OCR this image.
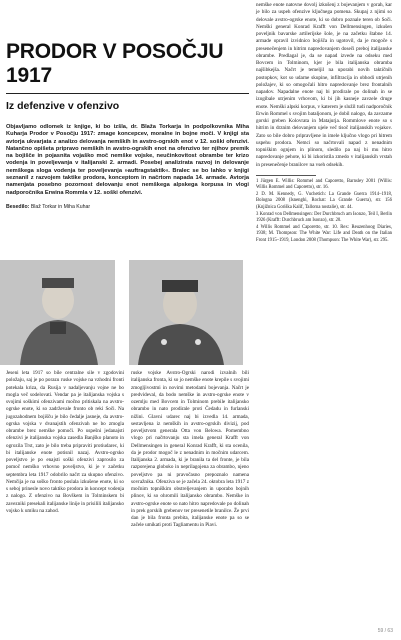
PRODOR V POSOČJU 1917
Iz defenzive v ofenzivo

Objavljamo odlomek iz knjige, ki bo izšla, dr. Blaža Torkarja in podpolkovnika Miha Kuharja Prodor v Posočju 1917: zmage koncepcev, moralne in bojne moči. V knjigi sta avtorja ukvarjata z analizo delovanja nemških in avstro-ogrskih enot v 12. soški ofenzivi. Natančno opišeta pripravo nemških in avstro-ogrskih enot na ofenzivo ter njihov premik na bojišče in pojasnita vojaško moč nemške vojske, neučinkovitost obrambe ter krizo vodenja in poveljevanja v italijanski 2. armadi. Posebej analizirata razvoj in delovanje nemškega sloga vodenja ter poveljevanja »auftragstaktik«. Bralec se bo lahko v knjigi seznanil z razvojem taktike prodora, konceptom in načrtom napada 14. armade. Avtorja namenjata posebno pozornost delovanju enot nemškega alpskega korpusa in vlogi nadporočnika Erwina Rommla v 12. soški ofenzivi.

Besedilo: Blaž Torkar in Miha Kuhar

Jeseni leta 1917 so bile centralne sile v zgodovini položaju, saj je po porazu ruske vojske na vzhodni fronti potekala kriza, da Rusija v nadaljevanju vojne ne bo mogla več sodelovati. Vendar pa je italijanska vojska s svojimi soškimi ofenzivami močno pritiskala na avstro-ogrske enote, ki so zadrževale fronto ob reki Soči. Na jugozahodnem bojišču je bilo čedalje jasneje, da avstro-ogrska vojska v dvanajstih ofenzivah ne bo zmogla obrambe brez nemške pomoči. Po uspešni jedanajsti ofenzivi je italijanska vojska zasedla Banjško planoto in ogrozila Trst, zato je bilo treba pripraviti protiudarec, ki bi italijanske enote potisnil nazaj. Avstro-ogrsko poveljstvo je po enajsti soški ofenzivi zaprosilo za pomoč nemško vrhovno poveljstvo, ki je v začetku septembra leta 1917 odobrilo načrt za skupno ofenzivo. Nemčija je na soško fronto poslala izkušene enote, ki so s seboj prinesle novo taktiko prodora in koncept vodenja z nalogo. Z ofenzivo na Bovškem in Tolminskem bi zavezniki presekali italijanske linije in prisilili italijansko vojsko k umiku na zahod.

ruske vojske Avstro-Ogrski narodi izvalnih bili italijanska fronta, ki so jo nemške enote krepile s svojimi zmogljivostmi in novimi metodami bojevanja. Načrt je predvideval, da bodo nemške in avstro-ogrske enote v ozemlju med Bovcem in Tolminom prebile italijansko obrambo in nato prodirale proti Čedadu in furlanski nižini. Glavni udarec naj bi izvedla 14. armada, sestavljena iz nemških in avstro-ogrskih divizij, pod poveljstvom generala Otta von Belowa. Pomembno vlogo pri načrtovanju sta imela general Krafft von Dellmensingen in general Konrad Krafft, ki sta ocenila, da je prodor mogoč le z nenadnim in močnim udarcem. Italijanska 2. armada, ki je branila ta del fronte, je bila razporejena globoko in neprilagojena za obrambo, njeno poveljstvo pa ni pravočasno prepoznalo namena sovražnika. Ofenziva se je začela 24. oktobra leta 1917 z močnim topniškim obstreljevanjem in uporabo bojnih plinov, ki so ohromili italijansko obrambo. Nemške in avstro-ogrske enote so nato hitro napredovale po dolinah in prek gorskih grebenov ter presenetile branilce. Že prvi dan je bila fronta prebita, italijanske enote pa so se začele umikati proti Tagliamentu in Piavi.

nemške enote natovne dovolj izkušenj z bojevanjem v gorah, kar je bilo za uspeh ofenzive ključnega pomena. Skupaj z njimi so delovale avstro-ogrske enote, ki so dobro poznale teren ob Soči. Nemški general Konrad Krafft von Dellmensingen, izkušen poveljnik bavarske artilerijske šole, je na začetku štabne 14. armade opravil izvidnico bojišča in ugotovil, da je mogoče s presenečenjem in hitrim napredovanjem doseči preboj italijanske obrambe. Predlagal je, da se napad izvede na odseku med Bovcem in Tolminom, kjer je bila italijanska obramba najšibkejša. Načrt je temeljil na uporabi novih taktičnih postopkov, kot so udarne skupine, infiltracija in obhodi utrjenih položajev, ki so omogočali hitro napredovanje brez frontalnih napadov. Napadalne enote naj bi prodirale po dolinah in se izogibale utrjenim vrhovom, ki bi jih kasneje zavzele druge enote. Nemški alpski korpus, v katerem je služil tudi nadporočnik Erwin Rommel s svojim bataljonom, je dobil nalogo, da zavzame gorski greben Kolovrata in Matajurja. Rommlove enote so s hitrim in drznim delovanjem ujele več tisoč italijanskih vojakov. Zato so bile dobro pripravljene in imele ključno vlogo pri hitrem uspehu prodora. Nemci so načrtovali napad z nenadnim topniškim ognjem in plinom, sledilo pa naj bi mu hitro napredovanje pehote, ki bi izkoristila zmedo v italijanskih vrstah in presenečenje branilcev na vseh odsekih.

1 Jürgen E. Willis: Rommel and Caporetto, Barnsley 2001 (Willis: Willis Rommel and Caporetto), str. 16.
2 D. M. Kennedy, G. Vuchetich: La Grande Guerra 1914–1918, Bologna 2008 (Isnenghi, Rochat: La Grande Guerra), str. 156 (Knjižnica Goriška Kalif, Tallorna nostalie), str. 44.
3 Konrad von Dellmensingen: Der Durchbruch am Isonzo, Teil I, Berlin 1926 (Krafft: Durchbruch am Isonzo), str. 20.
4 Willis Rommel and Caporetto, str. 10. Rex: Reuzenhoog Diaries, 1938; M. Thompson: The White War: Life and Death on the Italian Front 1915–1919, London 2008 (Thompson: The White War), str. 295.
59 / 63
